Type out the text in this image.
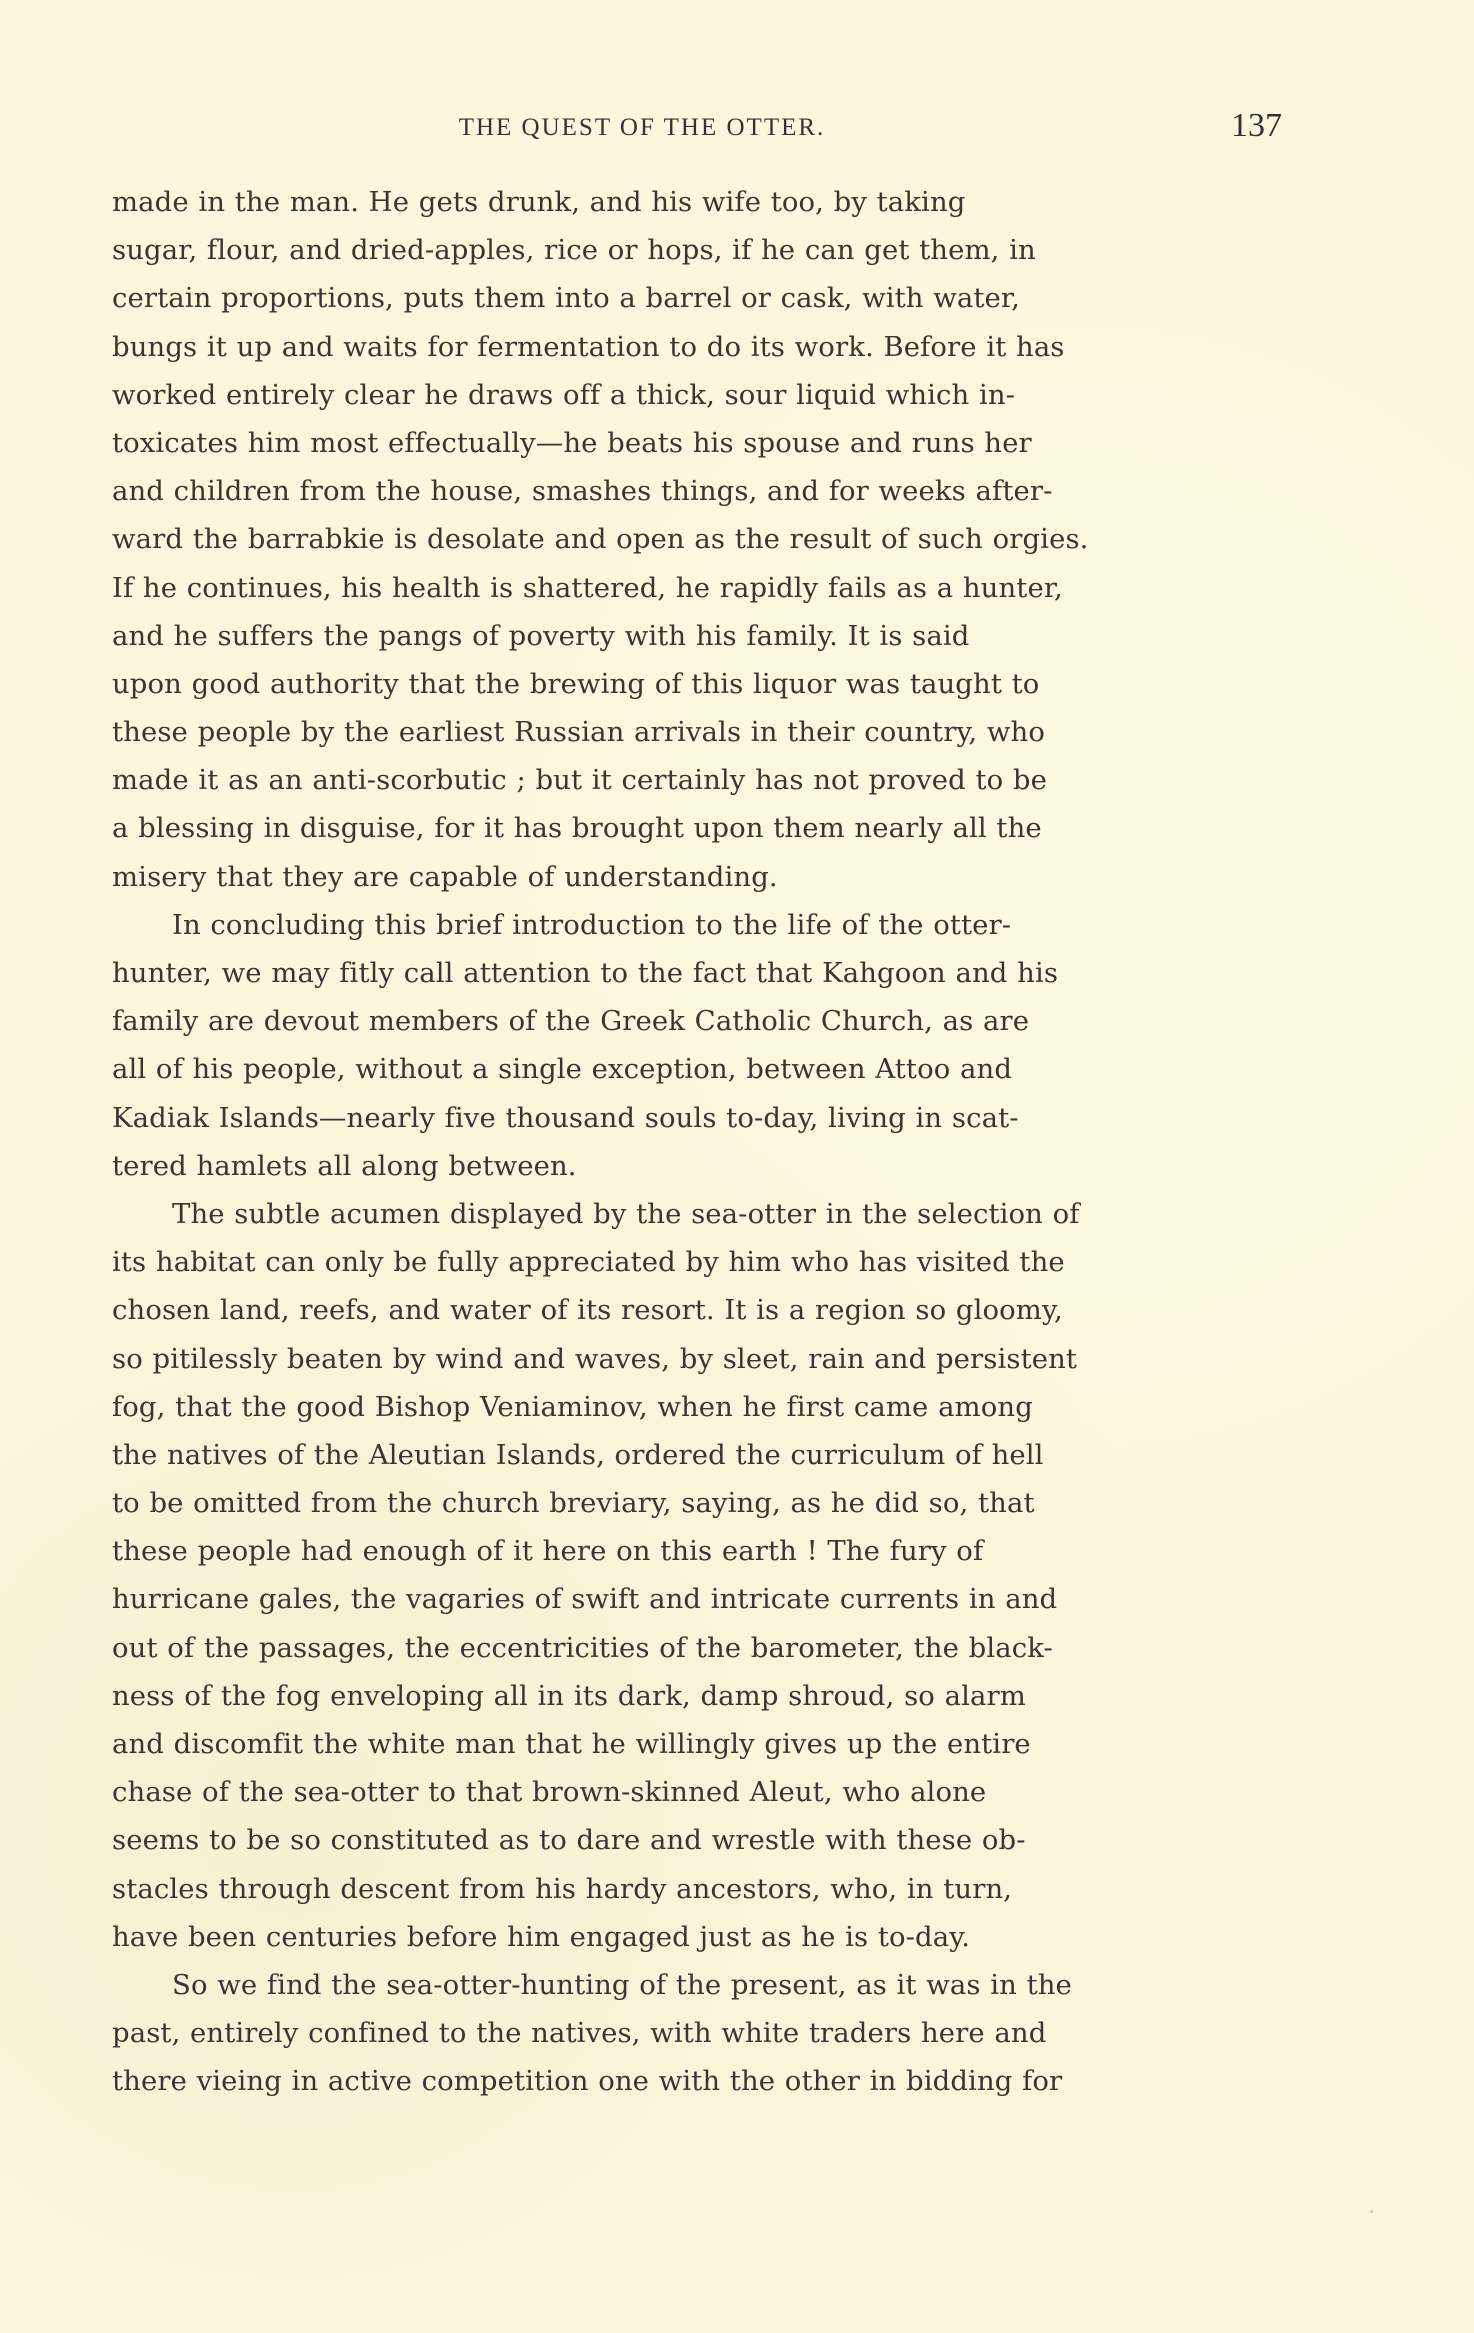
THE QUEST OF THE OTTER.	137
made in the man. He gets drunk, and his wife too, by taking
sugar, flour, and dried-apples, rice or hops, if he can get them, in
certain proportions, puts them into a barrel or cask, with water,
bungs it up and waits for fermentation to do its work. Before it has
worked entirely clear he draws off a thick, sour liquid which in-
toxicates him most effectually—he beats his spouse and runs her
and children from the house, smashes things, and for weeks after-
ward the barrabkie is desolate and open as the result of such orgies.
If he continues, his health is shattered, he rapidly fails as a hunter,
and he suffers the pangs of poverty with his family. It is said
upon good authority that the brewing of this liquor was taught to
these people by the earliest Russian arrivals in their country, who
made it as an anti-scorbutic ; but it certainly has not proved to be
a blessing in disguise, for it has brought upon them nearly all the
misery that they are capable of understanding.
In concluding this brief introduction to the life of the otter-
hunter, we may fitly call attention to the fact that Kahgoon and his
family are devout members of the Greek Catholic Church, as are
all of his people, without a single exception, between Attoo and
Kadiak Islands—nearly five thousand souls to-day, living in scat-
tered hamlets all along between.
The subtle acumen displayed by the sea-otter in the selection of
its habitat can only be fully appreciated by him who has visited the
chosen land, reefs, and water of its resort. It is a region so gloomy,
so pitilessly beaten by wind and waves, by sleet, rain and persistent
fog, that the good Bishop Veniaminov, when he first came among
the natives of the Aleutian Islands, ordered the curriculum of hell
to be omitted from the church breviary, saying, as he did so, that
these people had enough of it here on this earth ! The fury of
hurricane gales, the vagaries of swift and intricate currents in and
out of the passages, the eccentricities of the barometer, the black-
ness of the fog enveloping all in its dark, damp shroud, so alarm
and discomfit the white man that he willingly gives up the entire
chase of the sea-otter to that brown-skinned Aleut, who alone
seems to be so constituted as to dare and wrestle with these ob-
stacles through descent from his hardy ancestors, who, in turn,
have been centuries before him engaged just as he is to-day.
So we find the sea-otter-hunting of the present, as it was in the
past, entirely confined to the natives, with white traders here and
there vieing in active competition one with the other in bidding for
